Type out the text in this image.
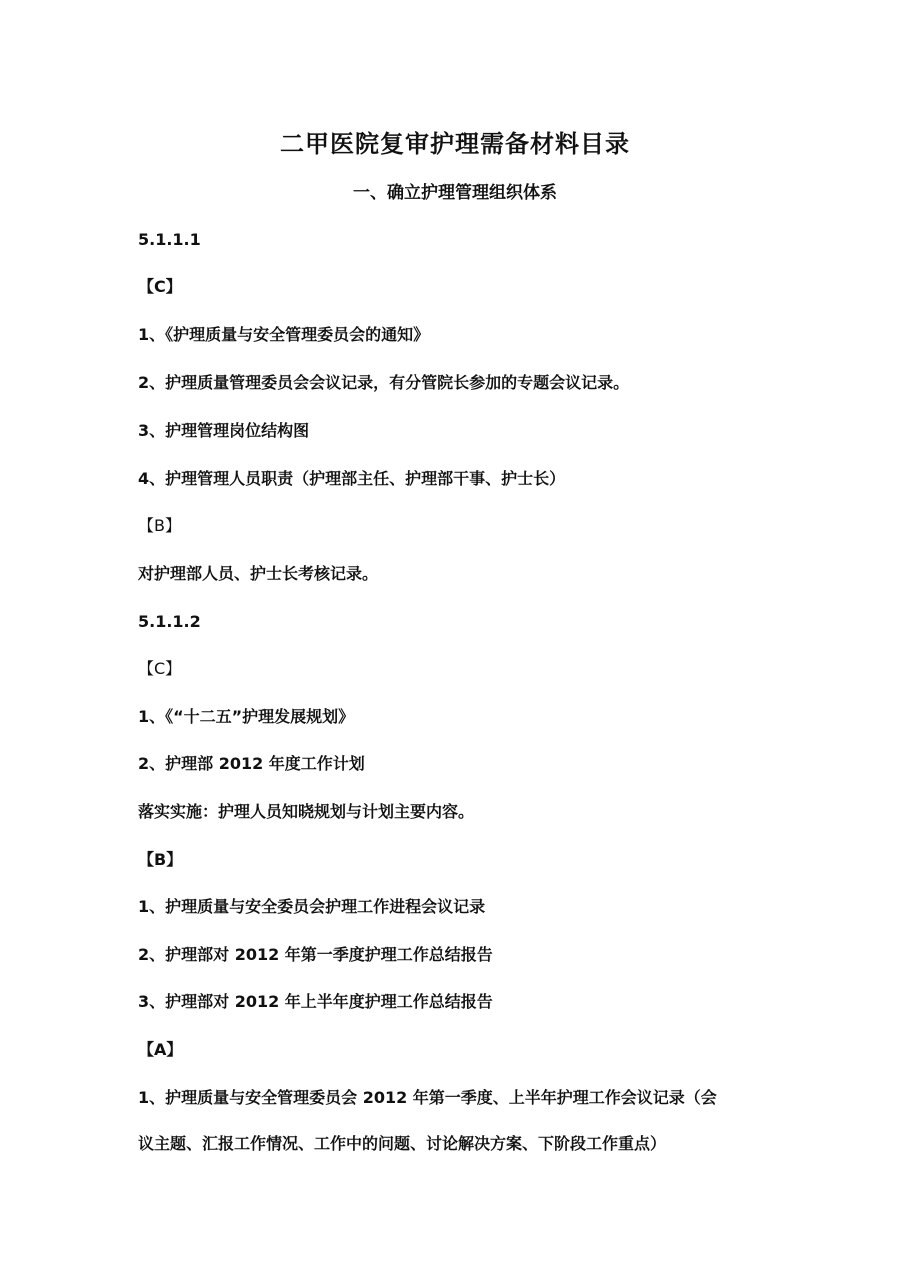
二甲医院复审护理需备材料目录
一、确立护理管理组织体系
5.1.1.1
【C】
1、《护理质量与安全管理委员会的通知》
2、护理质量管理委员会会议记录，有分管院长参加的专题会议记录。
3、护理管理岗位结构图
4、护理管理人员职责（护理部主任、护理部干事、护士长）
【B】
对护理部人员、护士长考核记录。
5.1.1.2
【C】
1、《“十二五”护理发展规划》
2、护理部 2012 年度工作计划
落实实施：护理人员知晓规划与计划主要内容。
【B】
1、护理质量与安全委员会护理工作进程会议记录
2、护理部对 2012 年第一季度护理工作总结报告
3、护理部对 2012 年上半年度护理工作总结报告
【A】
1、护理质量与安全管理委员会 2012 年第一季度、上半年护理工作会议记录（会
议主题、汇报工作情况、工作中的问题、讨论解决方案、下阶段工作重点）
